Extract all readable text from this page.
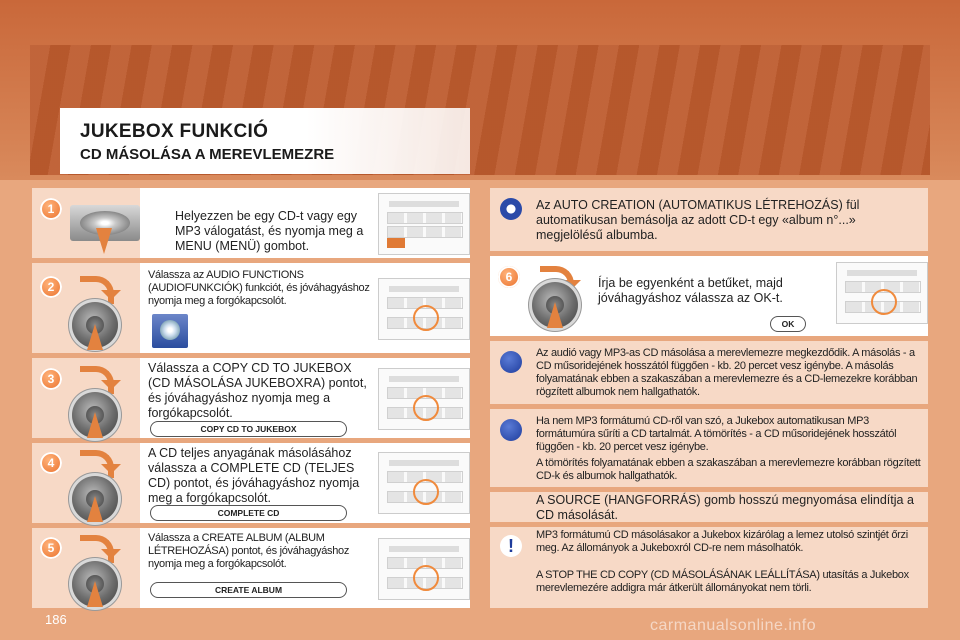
JUKEBOX FUNKCIÓ
CD MÁSOLÁSA A MEREVLEMEZRE
1	Helyezzen be egy CD-t vagy egy MP3 válogatást, és nyomja meg a MENU (MENÜ) gombot.
2
Válassza az AUDIO FUNCTIONS (AUDIOFUNKCIÓK) funkciót, és jóváhagyáshoz nyomja meg a forgókapcsolót.
3
Válassza a COPY CD TO JUKEBOX (CD MÁSOLÁSA JUKEBOXRA) pontot, és jóváhagyáshoz nyomja meg a forgókapcsolót.
COPY CD TO JUKEBOX
4
A CD teljes anyagának másolásához válassza a COMPLETE CD (TELJES CD) pontot, és jóváhagyáshoz nyomja meg a forgókapcsolót.
COMPLETE CD
5
Válassza a CREATE ALBUM (ALBUM LÉTREHOZÁSA) pontot, és jóváhagyáshoz nyomja meg a forgókapcsolót.
CREATE ALBUM
Az AUTO CREATION (AUTOMATIKUS LÉTREHOZÁS) fül automatikusan bemásolja az adott CD-t egy «album n°...» megjelölésű albumba.
6	Írja be egyenként a betűket, majd jóváhagyáshoz válassza az OK-t.
OK
Az audió vagy MP3-as CD másolása a merevlemezre megkezdődik. A másolás - a CD műsoridejének hosszától függően - kb. 20 percet vesz igénybe. A másolás folyamatának ebben a szakaszában a merevlemezre és a CD-lemezekre korábban rögzített albumok nem hallgathatók.
Ha nem MP3 formátumú CD-ről van szó, a Jukebox automatikusan MP3 formátumúra sűríti a CD tartalmát. A tömörítés - a CD műsoridejének hosszától függően - kb. 20 percet vesz igénybe.
A tömörítés folyamatának ebben a szakaszában a merevlemezre korábban rögzített CD-k és albumok hallgathatók.
A SOURCE (HANGFORRÁS) gomb hosszú megnyomása elindítja a CD másolását.
!
MP3 formátumú CD másolásakor a Jukebox kizárólag a lemez utolsó szintjét őrzi meg. Az állományok a Jukeboxról CD-re nem másolhatók.
A STOP THE CD COPY (CD MÁSOLÁSÁNAK LEÁLLÍTÁSA) utasítás a Jukebox merevlemezére addigra már átkerült állományokat nem törli.
186	carmanualsonline.info
